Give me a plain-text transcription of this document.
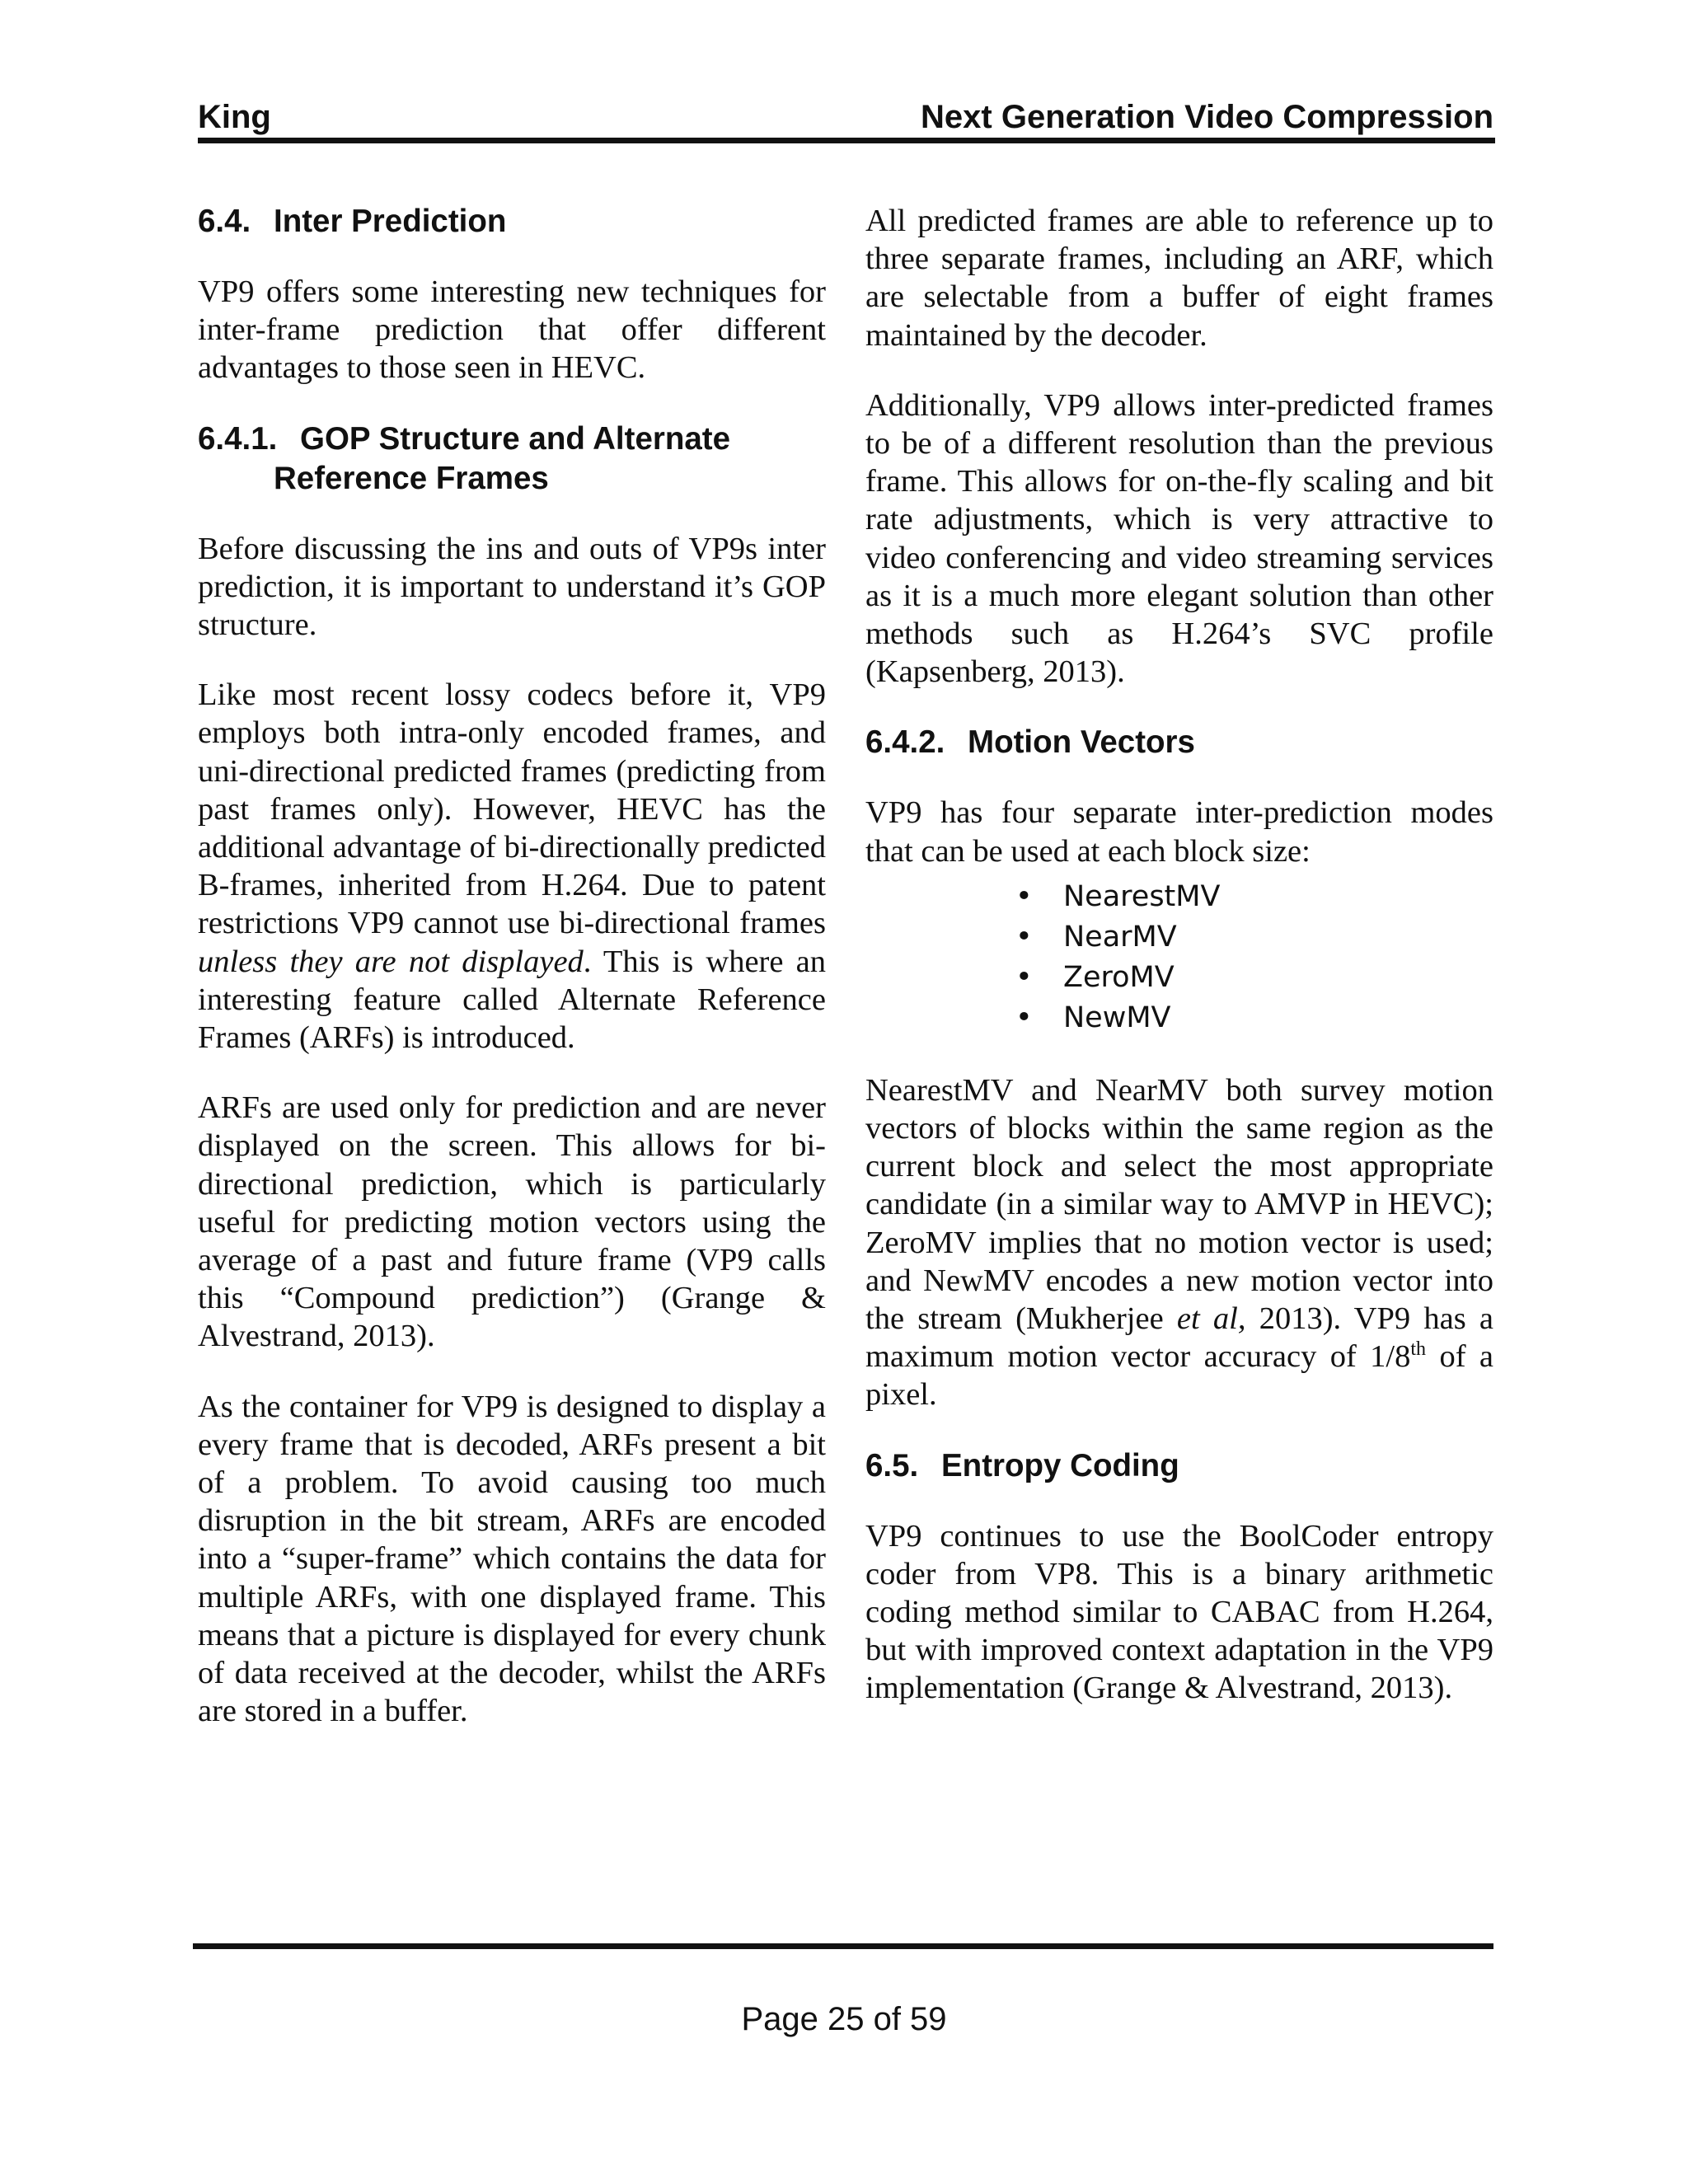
King	Next Generation Video Compression
6.4. Inter Prediction

VP9 offers some interesting new techniques for inter-frame prediction that offer different advantages to those seen in HEVC.

6.4.1. GOP Structure and Alternate
Reference Frames

Before discussing the ins and outs of VP9s inter prediction, it is important to understand it’s GOP structure.

Like most recent lossy codecs before it, VP9 employs both intra-only encoded frames, and uni-directional predicted frames (predicting from past frames only). However, HEVC has the additional advantage of bi-directionally predicted B-frames, inherited from H.264. Due to patent restrictions VP9 cannot use bi-directional frames unless they are not displayed. This is where an interesting feature called Alternate Reference Frames (ARFs) is introduced.

ARFs are used only for prediction and are never displayed on the screen. This allows for bi-directional prediction, which is particularly useful for predicting motion vectors using the average of a past and future frame (VP9 calls this “Compound prediction”) (Grange & Alvestrand, 2013).

As the container for VP9 is designed to display a every frame that is decoded, ARFs present a bit of a problem. To avoid causing too much disruption in the bit stream, ARFs are encoded into a “super-frame” which contains the data for multiple ARFs, with one displayed frame. This means that a picture is displayed for every chunk of data received at the decoder, whilst the ARFs are stored in a buffer.

All predicted frames are able to reference up to three separate frames, including an ARF, which are selectable from a buffer of eight frames maintained by the decoder.

Additionally, VP9 allows inter-predicted frames to be of a different resolution than the previous frame. This allows for on-the-fly scaling and bit rate adjustments, which is very attractive to video conferencing and video streaming services as it is a much more elegant solution than other methods such as H.264’s SVC profile (Kapsenberg, 2013).

6.4.2. Motion Vectors

VP9 has four separate inter-prediction modes that can be used at each block size:

• NearestMV
• NearMV
• ZeroMV
• NewMV

NearestMV and NearMV both survey motion vectors of blocks within the same region as the current block and select the most appropriate candidate (in a similar way to AMVP in HEVC); ZeroMV implies that no motion vector is used; and NewMV encodes a new motion vector into the stream (Mukherjee et al, 2013). VP9 has a maximum motion vector accuracy of 1/8th of a pixel.

6.5. Entropy Coding

VP9 continues to use the BoolCoder entropy coder from VP8. This is a binary arithmetic coding method similar to CABAC from H.264, but with improved context adaptation in the VP9 implementation (Grange & Alvestrand, 2013).

Page 25 of 59
